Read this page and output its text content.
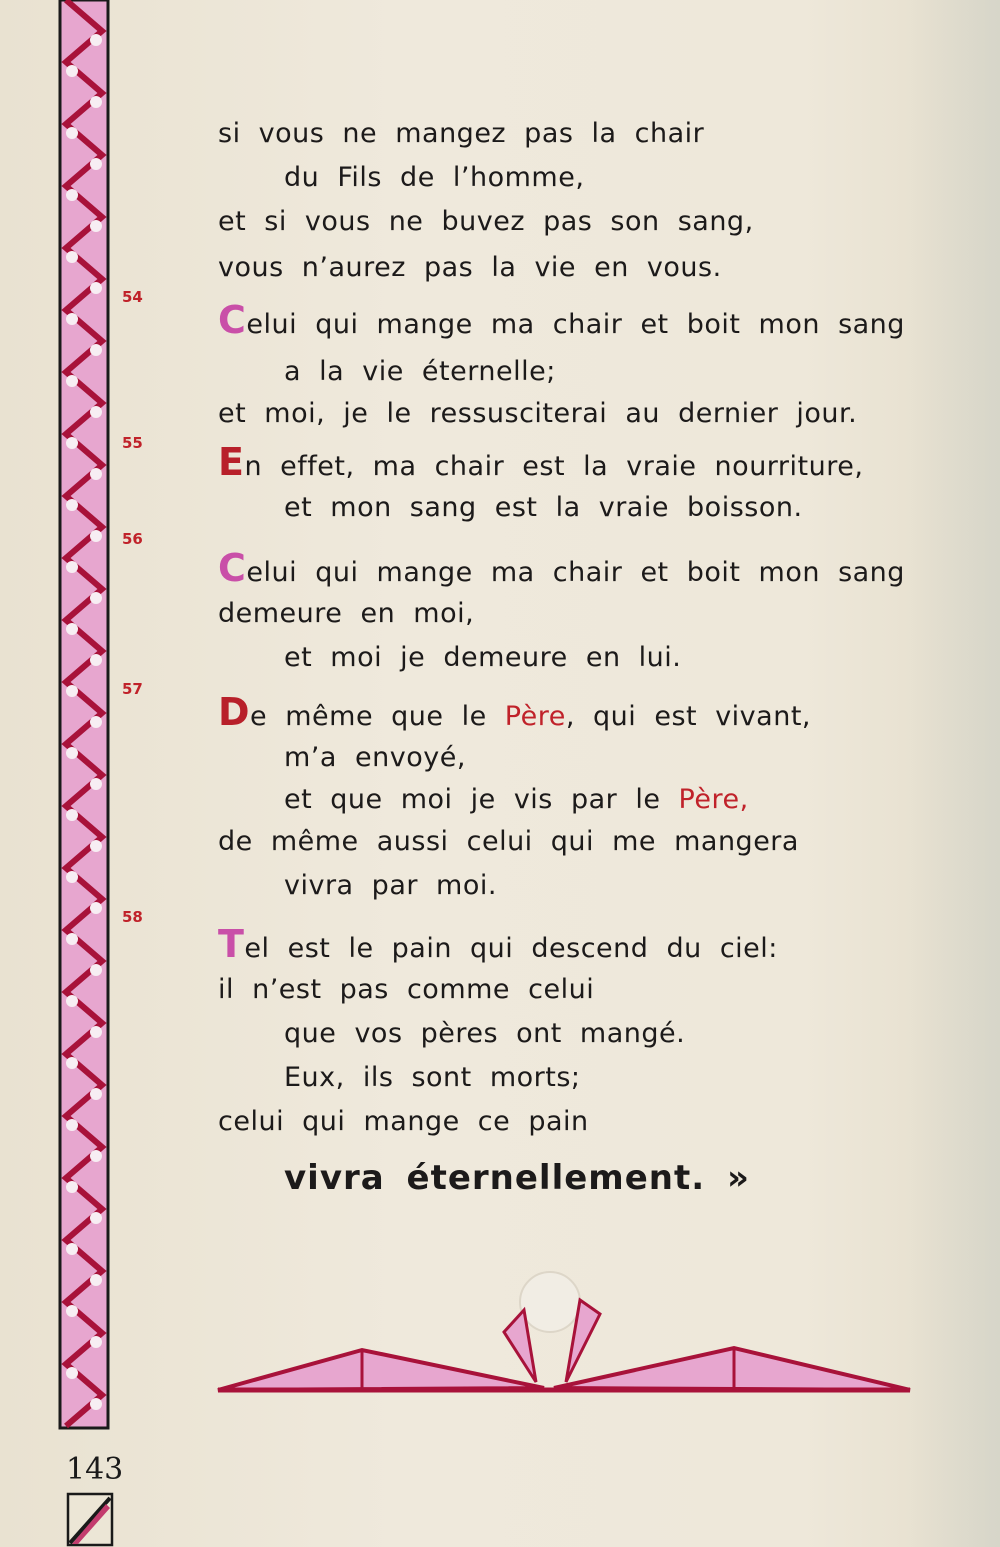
54
55
56
57
58
si vous ne mangez pas la chair
du Fils de l’homme,
et si vous ne buvez pas son sang,
vous n’aurez pas la vie en vous.
Celui qui mange ma chair et boit mon sang
a la vie éternelle;
et moi, je le ressusciterai au dernier jour.
En effet, ma chair est la vraie nourriture,
et mon sang est la vraie boisson.
Celui qui mange ma chair et boit mon sang
demeure en moi,
et moi je demeure en lui.
De même que le Père, qui est vivant,
m’a envoyé,
et que moi je vis par le Père,
de même aussi celui qui me mangera
vivra par moi.
Tel est le pain qui descend du ciel:
il n’est pas comme celui
que vos pères ont mangé.
Eux, ils sont morts;
celui qui mange ce pain
vivra éternellement. »
143
